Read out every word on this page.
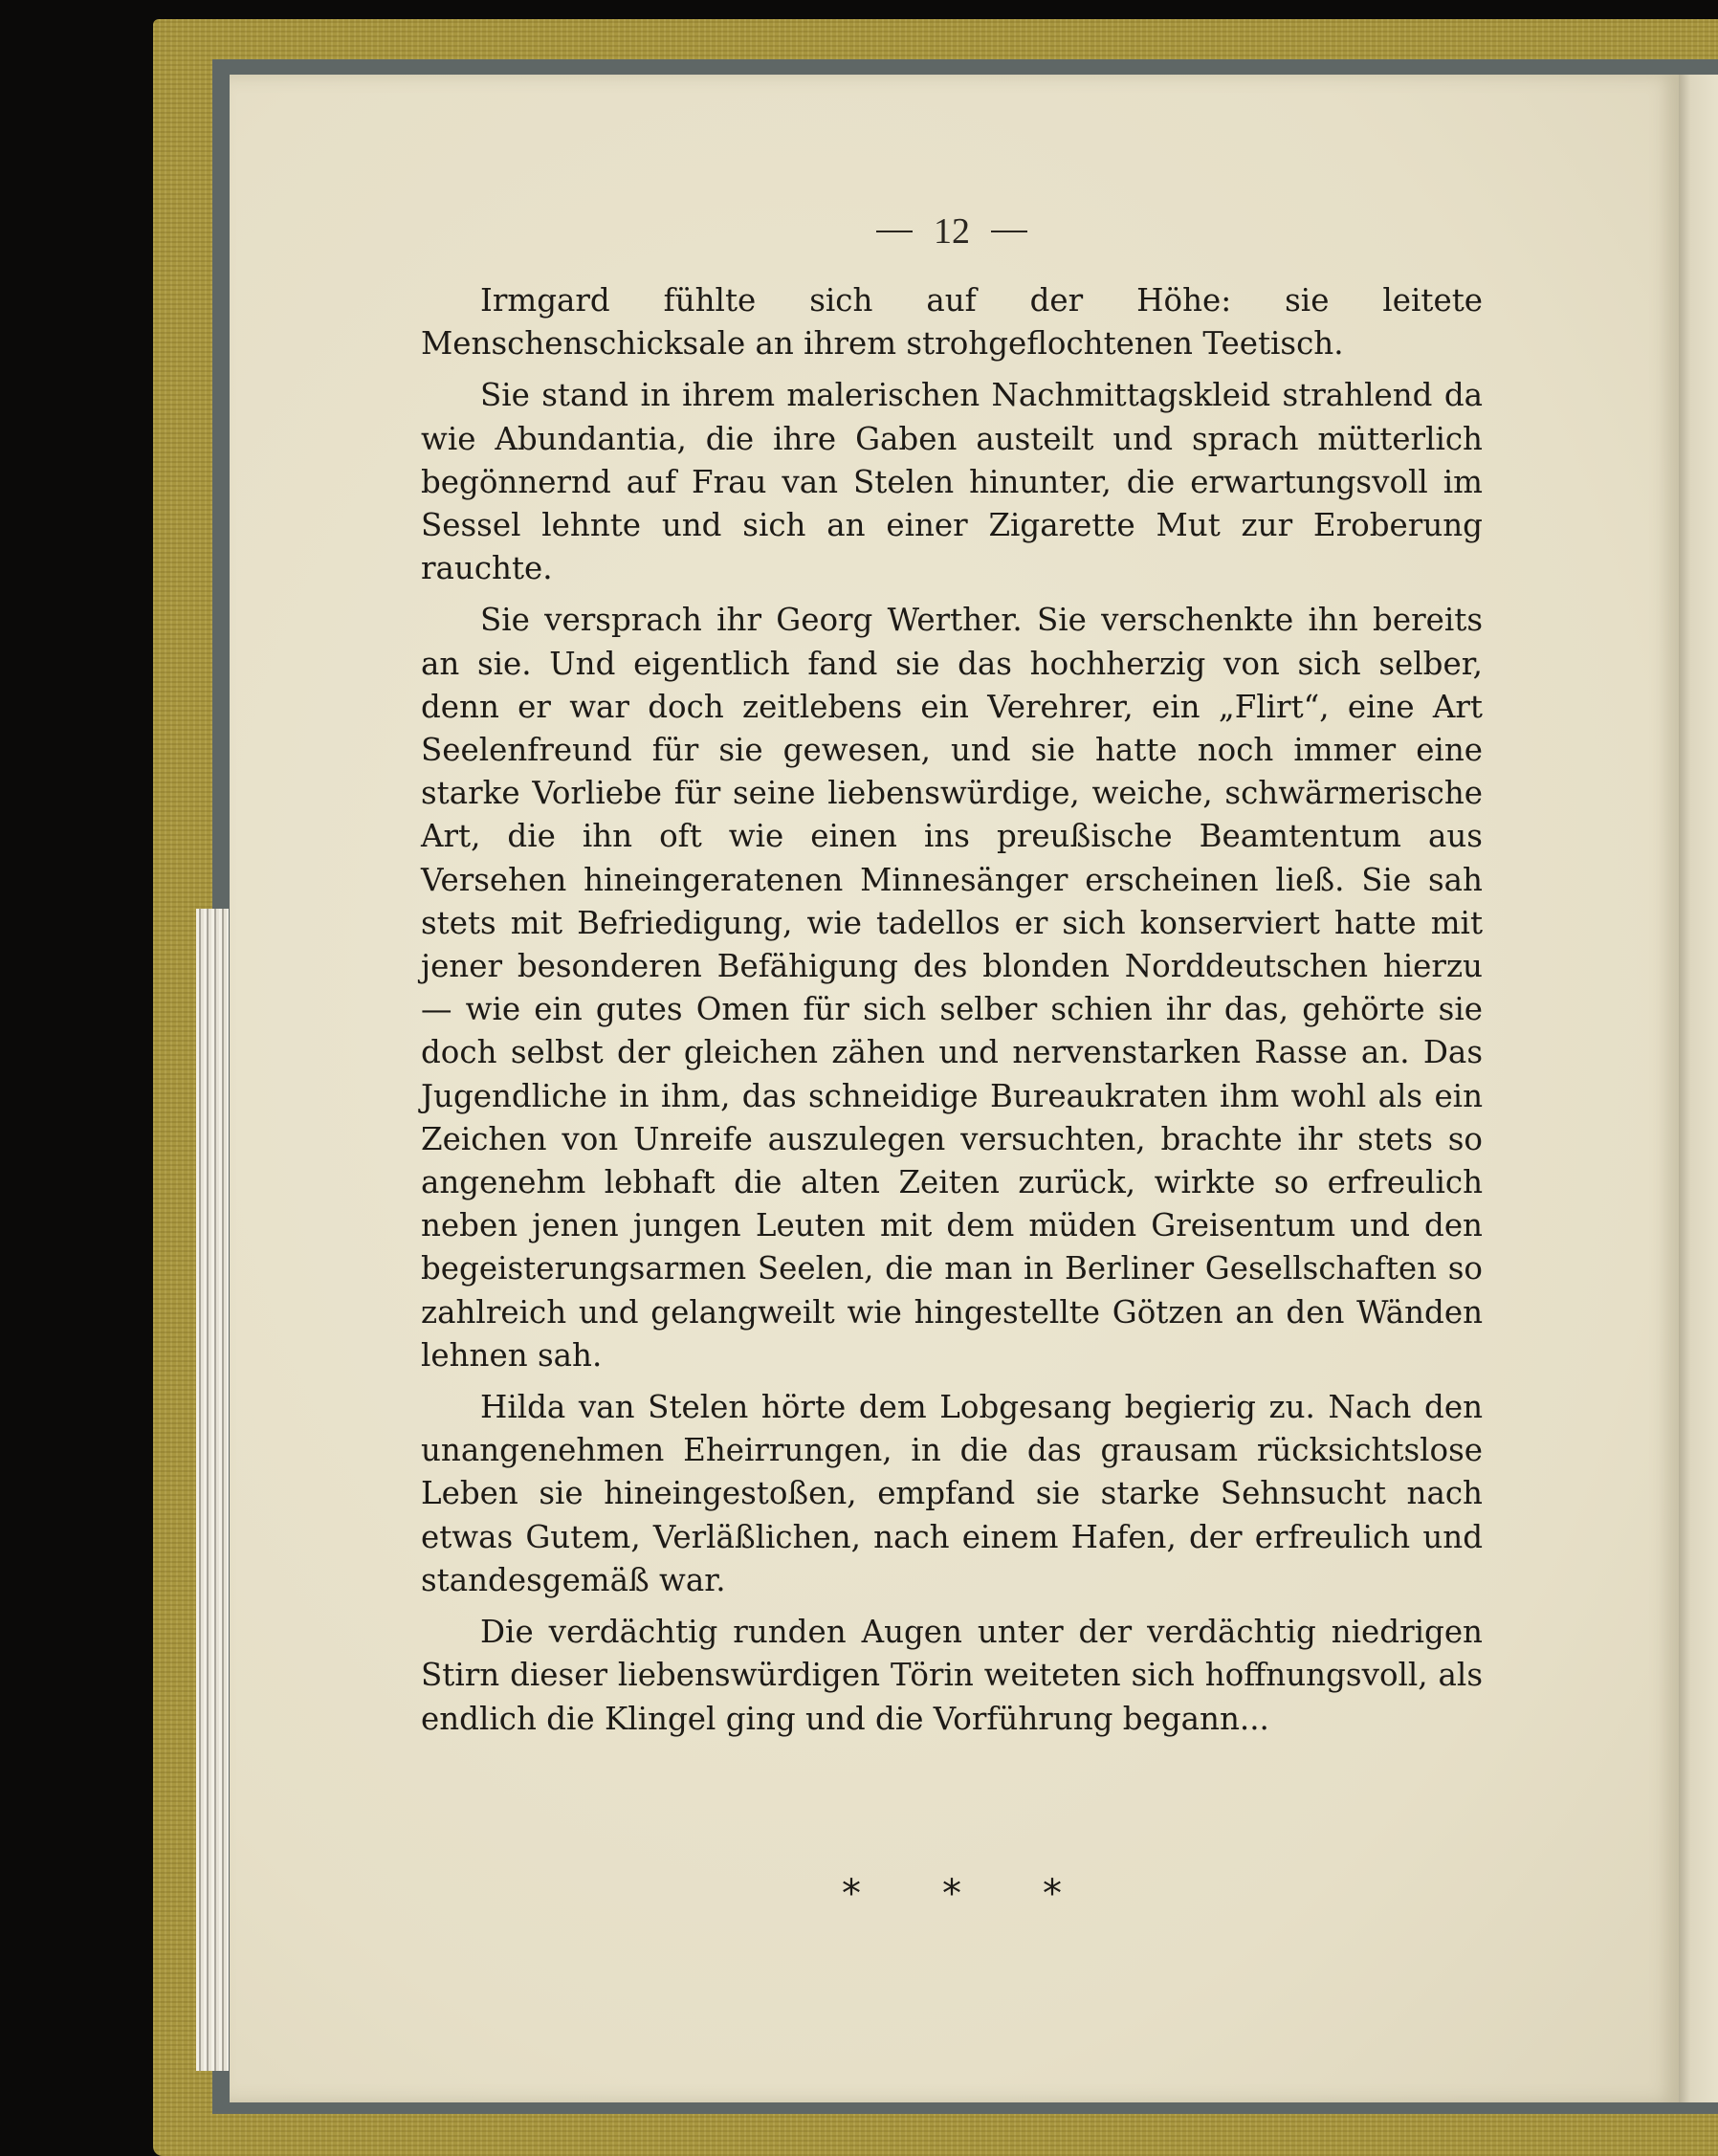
12

Irmgard fühlte sich auf der Höhe: sie leitete Menschenschicksale an ihrem strohgeflochtenen Teetisch.

Sie stand in ihrem malerischen Nachmittagskleid strahlend da wie Abundantia, die ihre Gaben austeilt und sprach mütterlich begönnernd auf Frau van Stelen hinunter, die erwartungsvoll im Sessel lehnte und sich an einer Zigarette Mut zur Eroberung rauchte.

Sie versprach ihr Georg Werther. Sie verschenkte ihn bereits an sie. Und eigentlich fand sie das hochherzig von sich selber, denn er war doch zeitlebens ein Verehrer, ein „Flirt“, eine Art Seelenfreund für sie gewesen, und sie hatte noch immer eine starke Vorliebe für seine liebenswürdige, weiche, schwärmerische Art, die ihn oft wie einen ins preußische Beamtentum aus Versehen hineingeratenen Minnesänger erscheinen ließ. Sie sah stets mit Befriedigung, wie tadellos er sich konserviert hatte mit jener besonderen Befähigung des blonden Norddeutschen hierzu — wie ein gutes Omen für sich selber schien ihr das, gehörte sie doch selbst der gleichen zähen und nervenstarken Rasse an. Das Jugendliche in ihm, das schneidige Bureaukraten ihm wohl als ein Zeichen von Unreife auszulegen versuchten, brachte ihr stets so angenehm lebhaft die alten Zeiten zurück, wirkte so erfreulich neben jenen jungen Leuten mit dem müden Greisentum und den begeisterungsarmen Seelen, die man in Berliner Gesellschaften so zahlreich und gelangweilt wie hingestellte Götzen an den Wänden lehnen sah.

Hilda van Stelen hörte dem Lobgesang begierig zu. Nach den unangenehmen Eheirrungen, in die das grausam rücksichtslose Leben sie hineingestoßen, empfand sie starke Sehnsucht nach etwas Gutem, Verläßlichen, nach einem Hafen, der erfreulich und standesgemäß war.

Die verdächtig runden Augen unter der verdächtig niedrigen Stirn dieser liebenswürdigen Törin weiteten sich hoffnungsvoll, als endlich die Klingel ging und die Vorführung begann...

* * *
